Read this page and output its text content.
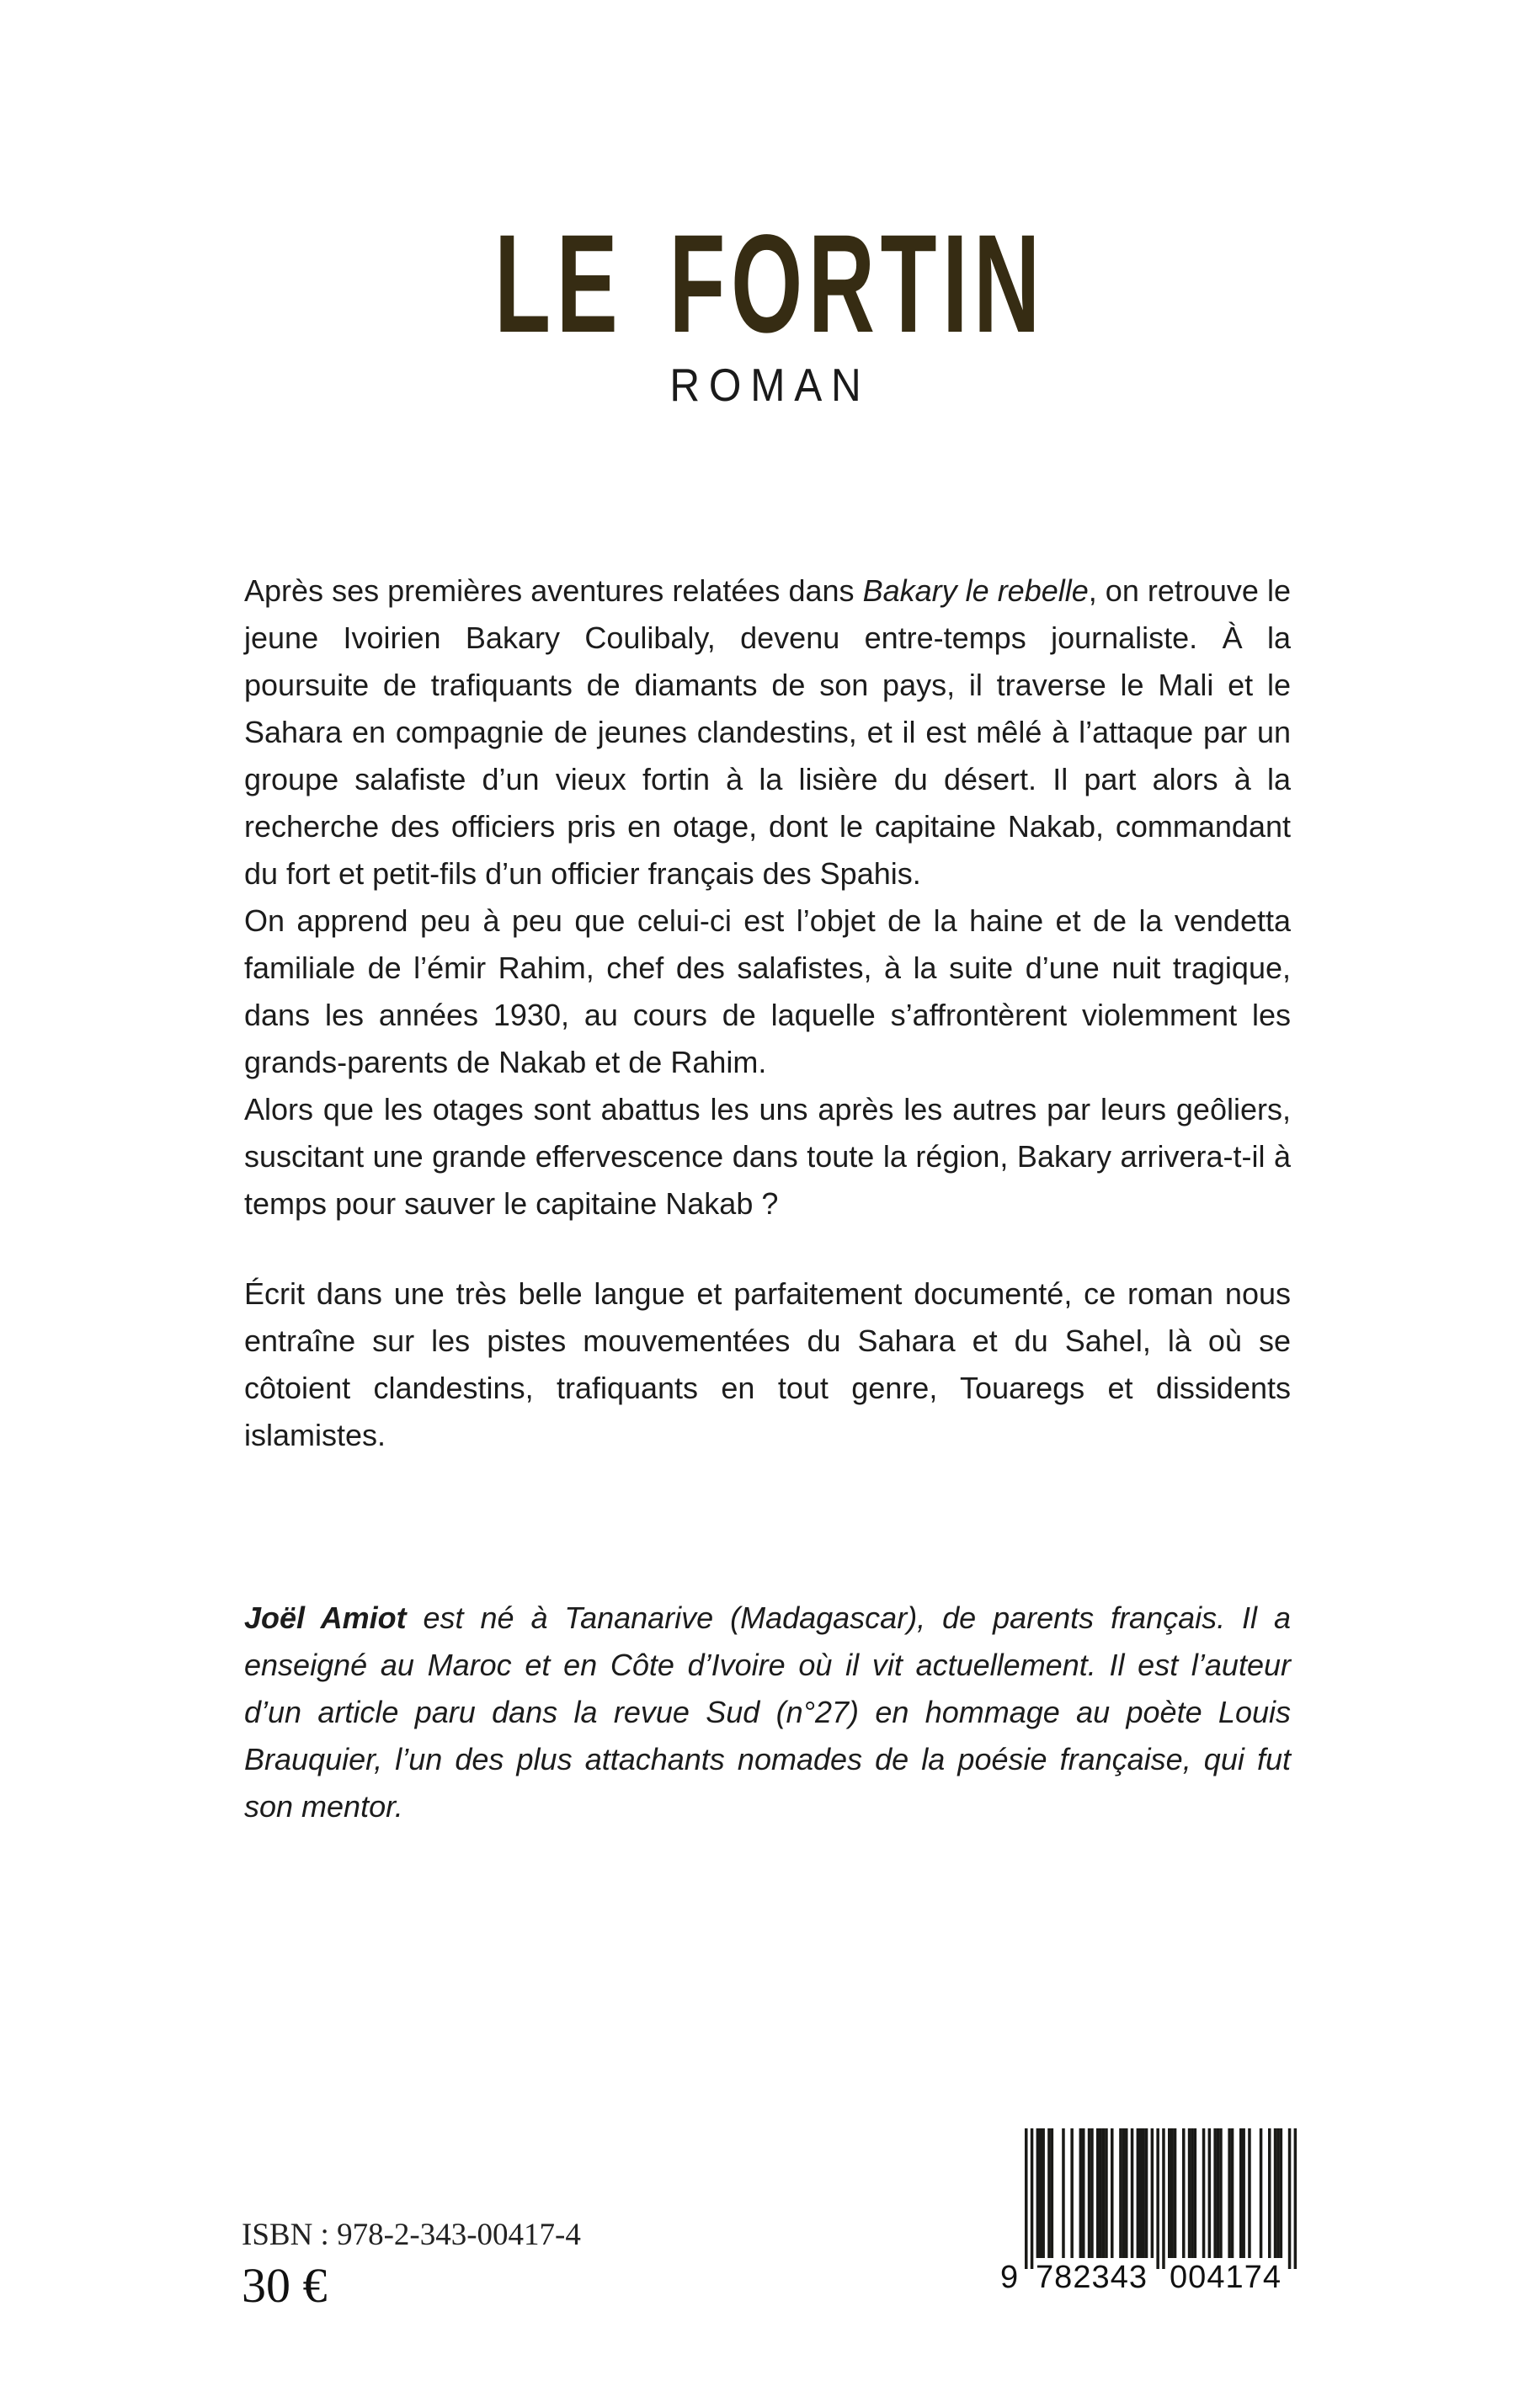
LE FORTIN
ROMAN

Après ses premières aventures relatées dans Bakary le rebelle, on retrouve le jeune Ivoirien Bakary Coulibaly, devenu entre-temps journaliste. À la poursuite de trafiquants de diamants de son pays, il traverse le Mali et le Sahara en compagnie de jeunes clandestins, et il est mêlé à l’attaque par un groupe salafiste d’un vieux fortin à la lisière du désert. Il part alors à la recherche des officiers pris en otage, dont le capitaine Nakab, commandant du fort et petit-fils d’un officier français des Spahis.

On apprend peu à peu que celui-ci est l’objet de la haine et de la vendetta familiale de l’émir Rahim, chef des salafistes, à la suite d’une nuit tragique, dans les années 1930, au cours de laquelle s’affrontèrent violemment les grands-parents de Nakab et de Rahim.

Alors que les otages sont abattus les uns après les autres par leurs geôliers, suscitant une grande effervescence dans toute la région, Bakary arrivera-t-il à temps pour sauver le capitaine Nakab ?

Écrit dans une très belle langue et parfaitement documenté, ce roman nous entraîne sur les pistes mouvementées du Sahara et du Sahel, là où se côtoient clandestins, trafiquants en tout genre, Touaregs et dissidents islamistes.

Joël Amiot est né à Tananarive (Madagascar), de parents français. Il a enseigné au Maroc et en Côte d’Ivoire où il vit actuellement. Il est l’auteur d’un article paru dans la revue Sud (n°27) en hommage au poète Louis Brauquier, l’un des plus attachants nomades de la poésie française, qui fut son mentor.

ISBN : 978-2-343-00417-4
30 €	9 782343 004174
